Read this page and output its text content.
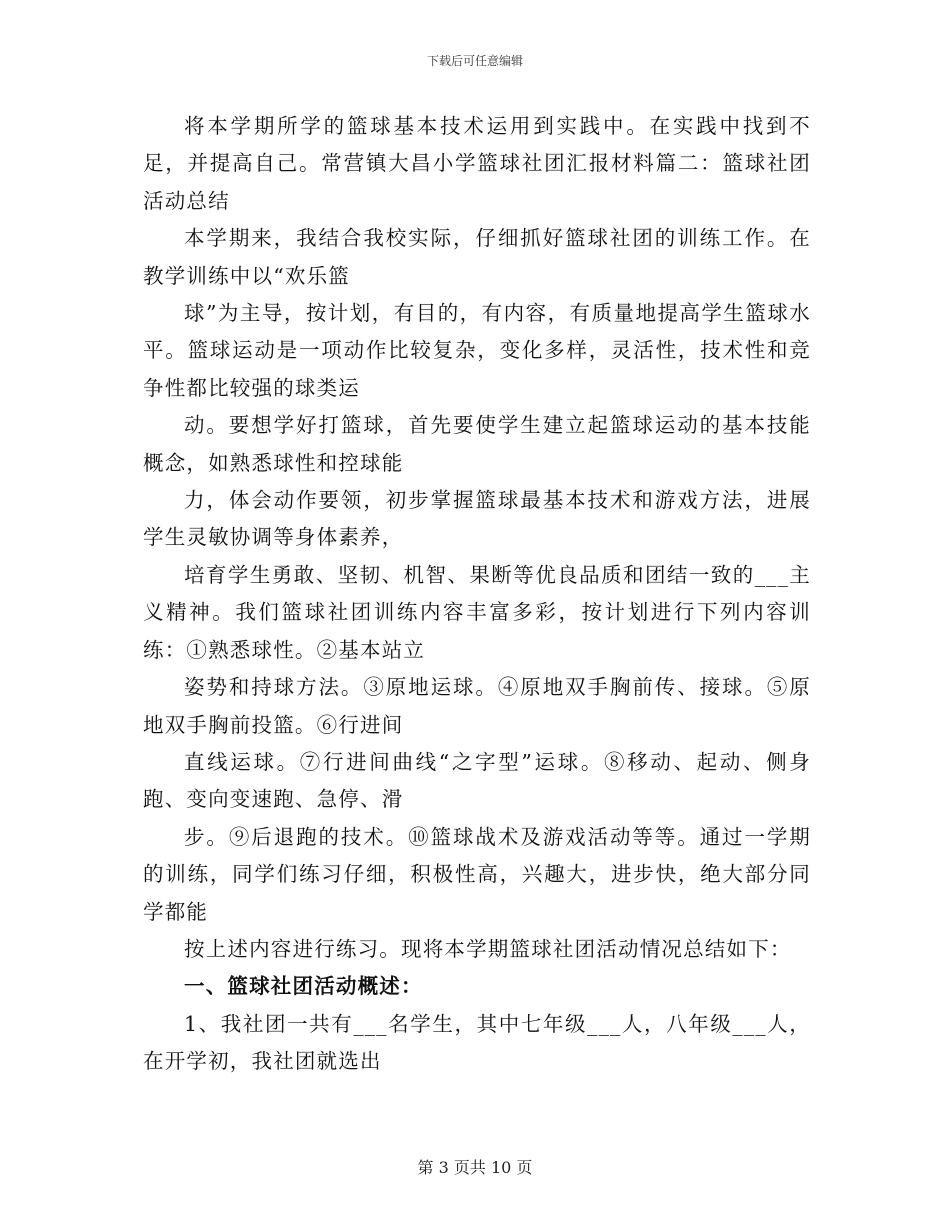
下载后可任意编辑

将本学期所学的篮球基本技术运用到实践中。在实践中找到不足，并提高自己。常营镇大昌小学篮球社团汇报材料篇二：篮球社团活动总结

本学期来，我结合我校实际，仔细抓好篮球社团的训练工作。在教学训练中以“欢乐篮

球”为主导，按计划，有目的，有内容，有质量地提高学生篮球水平。篮球运动是一项动作比较复杂，变化多样，灵活性，技术性和竞争性都比较强的球类运

动。要想学好打篮球，首先要使学生建立起篮球运动的基本技能概念，如熟悉球性和控球能

力，体会动作要领，初步掌握篮球最基本技术和游戏方法，进展学生灵敏协调等身体素养，

培育学生勇敢、坚韧、机智、果断等优良品质和团结一致的___主义精神。我们篮球社团训练内容丰富多彩，按计划进行下列内容训练：①熟悉球性。②基本站立

姿势和持球方法。③原地运球。④原地双手胸前传、接球。⑤原地双手胸前投篮。⑥行进间

直线运球。⑦行进间曲线“之字型”运球。⑧移动、起动、侧身跑、变向变速跑、急停、滑

步。⑨后退跑的技术。⑩篮球战术及游戏活动等等。通过一学期的训练，同学们练习仔细，积极性高，兴趣大，进步快，绝大部分同学都能

按上述内容进行练习。现将本学期篮球社团活动情况总结如下：

一、篮球社团活动概述：

1、我社团一共有___名学生，其中七年级___人，八年级___人，在开学初，我社团就选出

第 3 页共 10 页
